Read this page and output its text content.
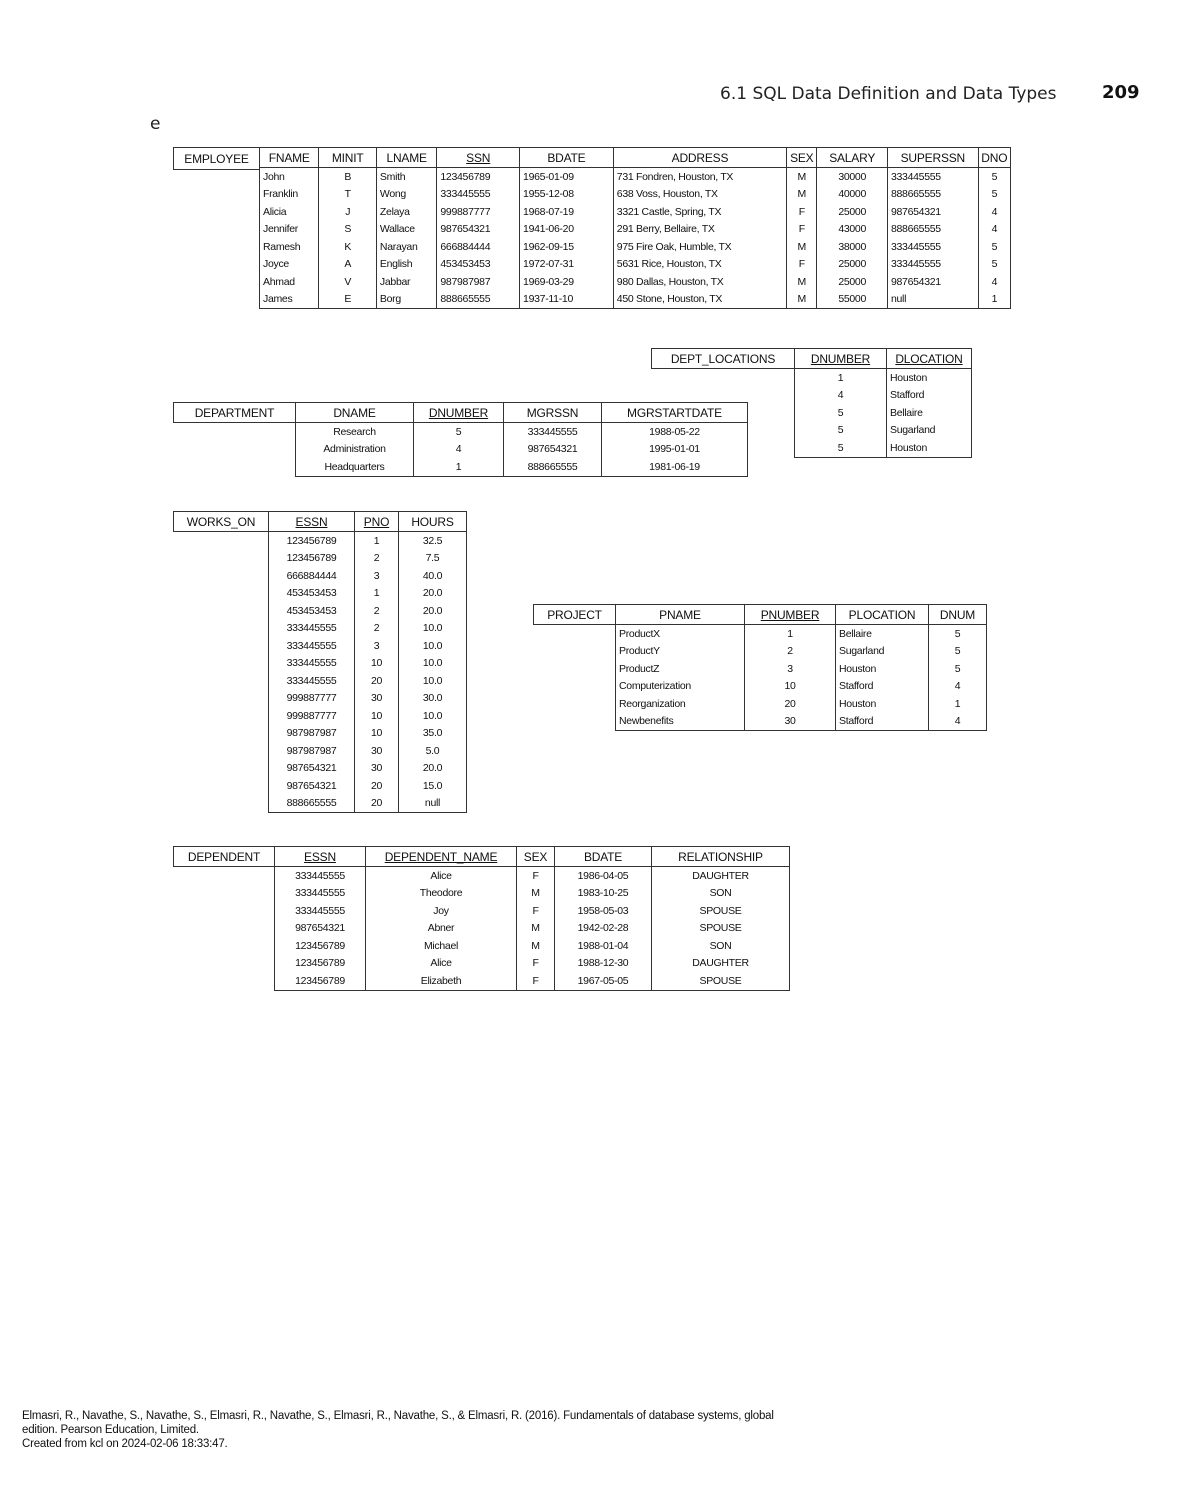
6.1 SQL Data Definition and Data Types	209
e
EMPLOYEE	FNAME	MINIT	LNAME	SSN	BDATE	ADDRESS	SEX	SALARY	SUPERSSN	DNO
John	B	Smith	123456789	1965-01-09	731 Fondren, Houston, TX	M	30000	333445555	5
Franklin	T	Wong	333445555	1955-12-08	638 Voss, Houston, TX	M	40000	888665555	5
Alicia	J	Zelaya	999887777	1968-07-19	3321 Castle, Spring, TX	F	25000	987654321	4
Jennifer	S	Wallace	987654321	1941-06-20	291 Berry, Bellaire, TX	F	43000	888665555	4
Ramesh	K	Narayan	666884444	1962-09-15	975 Fire Oak, Humble, TX	M	38000	333445555	5
Joyce	A	English	453453453	1972-07-31	5631 Rice, Houston, TX	F	25000	333445555	5
Ahmad	V	Jabbar	987987987	1969-03-29	980 Dallas, Houston, TX	M	25000	987654321	4
James	E	Borg	888665555	1937-11-10	450 Stone, Houston, TX	M	55000	null	1
DEPT_LOCATIONS	DNUMBER	DLOCATION
1	Houston
4	Stafford
5	Bellaire
5	Sugarland
5	Houston
DEPARTMENT	DNAME	DNUMBER	MGRSSN	MGRSTARTDATE
Research	5	333445555	1988-05-22
Administration	4	987654321	1995-01-01
Headquarters	1	888665555	1981-06-19
WORKS_ON	ESSN	PNO	HOURS
123456789	1	32.5
123456789	2	7.5
666884444	3	40.0
453453453	1	20.0
453453453	2	20.0
333445555	2	10.0
333445555	3	10.0
333445555	10	10.0
333445555	20	10.0
999887777	30	30.0
999887777	10	10.0
987987987	10	35.0
987987987	30	5.0
987654321	30	20.0
987654321	20	15.0
888665555	20	null
PROJECT	PNAME	PNUMBER	PLOCATION	DNUM
ProductX	1	Bellaire	5
ProductY	2	Sugarland	5
ProductZ	3	Houston	5
Computerization	10	Stafford	4
Reorganization	20	Houston	1
Newbenefits	30	Stafford	4
DEPENDENT	ESSN	DEPENDENT_NAME	SEX	BDATE	RELATIONSHIP
333445555	Alice	F	1986-04-05	DAUGHTER
333445555	Theodore	M	1983-10-25	SON
333445555	Joy	F	1958-05-03	SPOUSE
987654321	Abner	M	1942-02-28	SPOUSE
123456789	Michael	M	1988-01-04	SON
123456789	Alice	F	1988-12-30	DAUGHTER
123456789	Elizabeth	F	1967-05-05	SPOUSE
Elmasri, R., Navathe, S., Navathe, S., Elmasri, R., Navathe, S., Elmasri, R., Navathe, S., & Elmasri, R. (2016). Fundamentals of database systems, global
edition. Pearson Education, Limited.
Created from kcl on 2024-02-06 18:33:47.
